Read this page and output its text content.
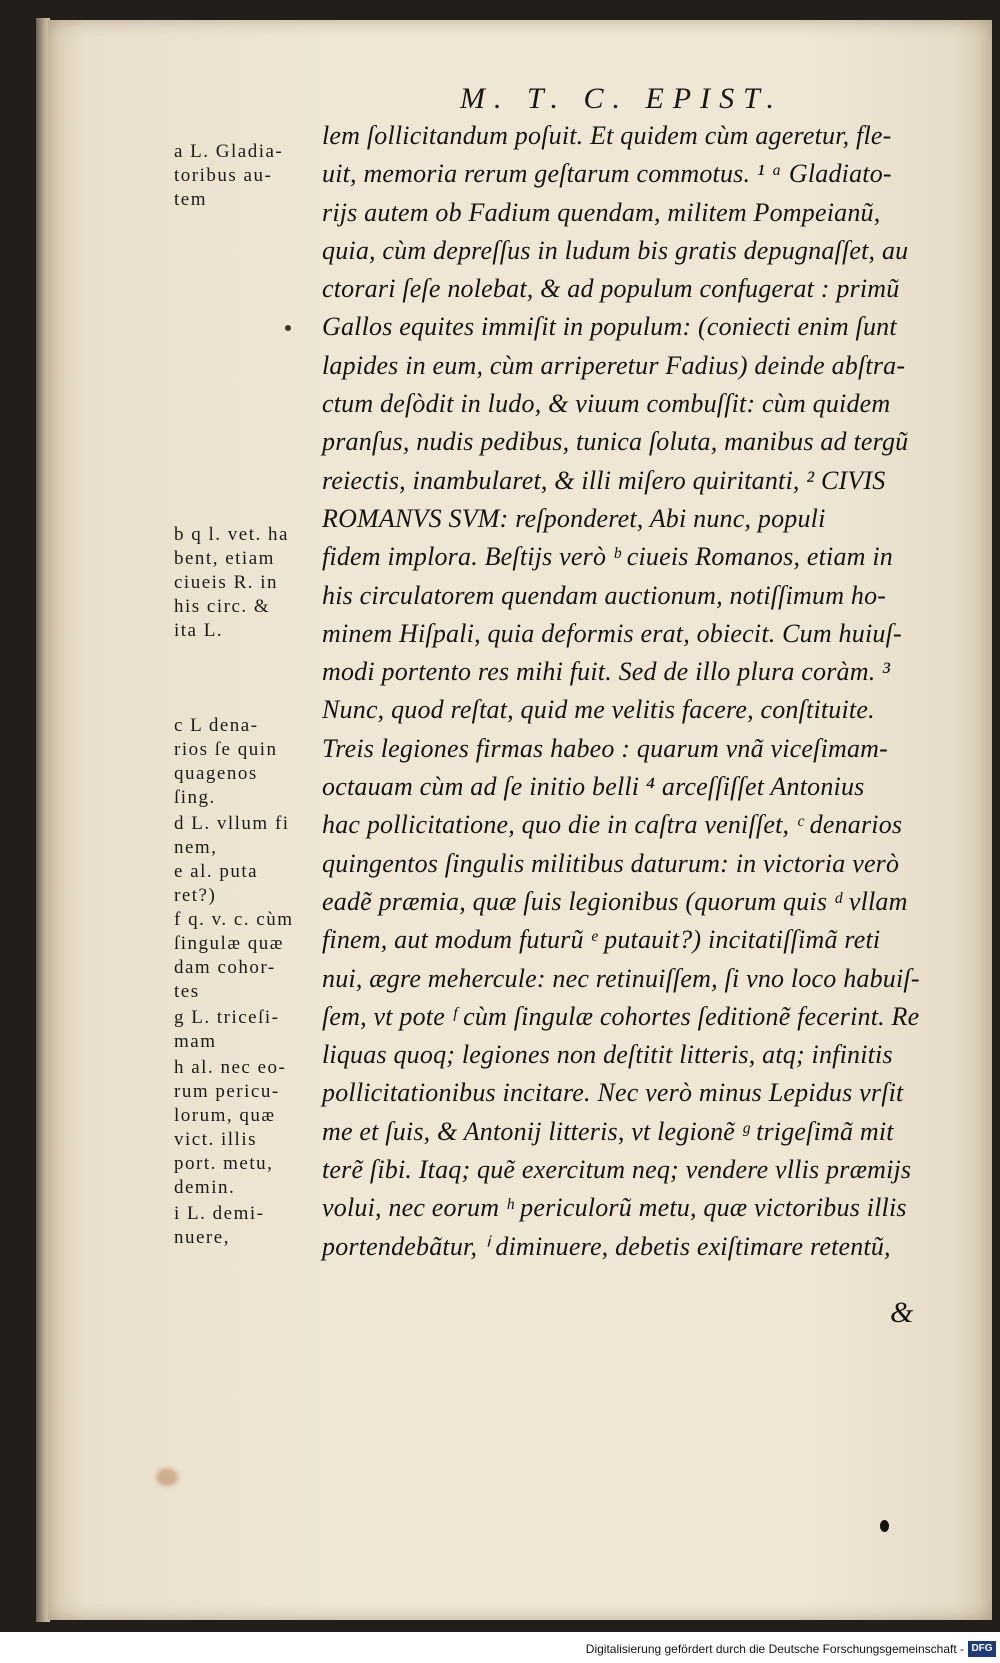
M. T. C. EPIST.
a L. Gladia-
toribus au-
tem
b q l. vet. ha
bent, etiam
ciueis R. in
his circ. &
ita L.
c L dena-
rios ſe quin
quagenos
ſing.
d L. vllum fi
nem,
e al. puta
ret?)
f q. v. c. cùm
ſingulæ quæ
dam cohor-
tes
g L. triceſi-
mam
h al. nec eo-
rum pericu-
lorum, quæ
vict. illis
port. metu,
demin.
i L. demi-
nuere,
lem ſollicitandum poſuit. Et quidem cùm ageretur, fle-
uit, memoria rerum geſtarum commotus. ¹ ᵃ Gladiato-
rijs autem ob Fadium quendam, militem Pompeianũ,
quia, cùm depreſſus in ludum bis gratis depugnaſſet, au
ctorari ſeſe nolebat, & ad populum confugerat : primũ
Gallos equites immiſit in populum: (coniecti enim ſunt
lapides in eum, cùm arriperetur Fadius) deinde abſtra-
ctum deſòdit in ludo, & viuum combuſſit: cùm quidem
pranſus, nudis pedibus, tunica ſoluta, manibus ad tergũ
reiectis, inambularet, & illi miſero quiritanti, ² CIVIS
ROMANVS SVM: reſponderet, Abi nunc, populi
fidem implora. Beſtijs verò ᵇ ciueis Romanos, etiam in
his circulatorem quendam auctionum, notiſſimum ho-
minem Hiſpali, quia deformis erat, obiecit. Cum huiuſ-
modi portento res mihi fuit. Sed de illo plura coràm. ³
Nunc, quod reſtat, quid me velitis facere, conſtituite.
Treis legiones firmas habeo : quarum vnã viceſimam-
octauam cùm ad ſe initio belli ⁴ arceſſiſſet Antonius
hac pollicitatione, quo die in caſtra veniſſet, ᶜ denarios
quingentos ſingulis militibus daturum: in victoria verò
eadẽ præmia, quæ ſuis legionibus (quorum quis ᵈ vllam
finem, aut modum futurũ ᵉ putauit?) incitatiſſimã reti
nui, ægre mehercule: nec retinuiſſem, ſi vno loco habuiſ-
ſem, vt pote ᶠ cùm ſingulæ cohortes ſeditionẽ fecerint. Re
liquas quoq; legiones non deſtitit litteris, atq; infinitis
pollicitationibus incitare. Nec verò minus Lepidus vrſit
me et ſuis, & Antonij litteris, vt legionẽ ᵍ trigeſimã mit
terẽ ſibi. Itaq; quẽ exercitum neq; vendere vllis præmijs
volui, nec eorum ʰ periculorũ metu, quæ victoribus illis
portendebãtur, ⁱ diminuere, debetis exiſtimare retentũ,
&
Digitalisierung gefördert durch die Deutsche Forschungsgemeinschaft - DFG
